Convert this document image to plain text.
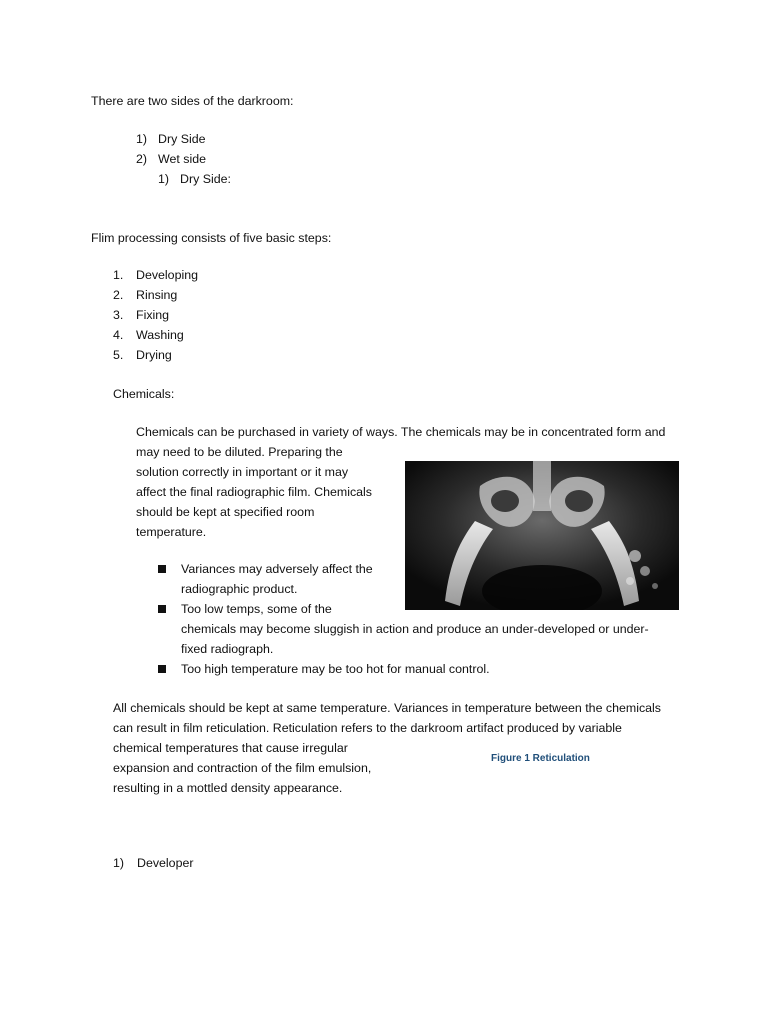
There are two sides of the darkroom:
1) Dry Side
2) Wet side
1) Dry Side:
Flim processing consists of five basic steps:
1. Developing
2. Rinsing
3. Fixing
4. Washing
5. Drying
Chemicals:
Chemicals can be purchased in variety of ways. The chemicals may be in concentrated form and
may need to be diluted. Preparing the
solution correctly in important or it may
affect the final radiographic film. Chemicals
should be kept at specified room
temperature.
Variances may adversely affect the
radiographic product.
Too low temps, some of the
chemicals may become sluggish in action and produce an under-developed or under-
fixed radiograph.
Too high temperature may be too hot for manual control.
All chemicals should be kept at same temperature. Variances in temperature between the chemicals
can result in film reticulation. Reticulation refers to the darkroom artifact produced by variable
chemical temperatures that cause irregular
expansion and contraction of the film emulsion,
resulting in a mottled density appearance.
Figure 1 Reticulation
1) Developer
